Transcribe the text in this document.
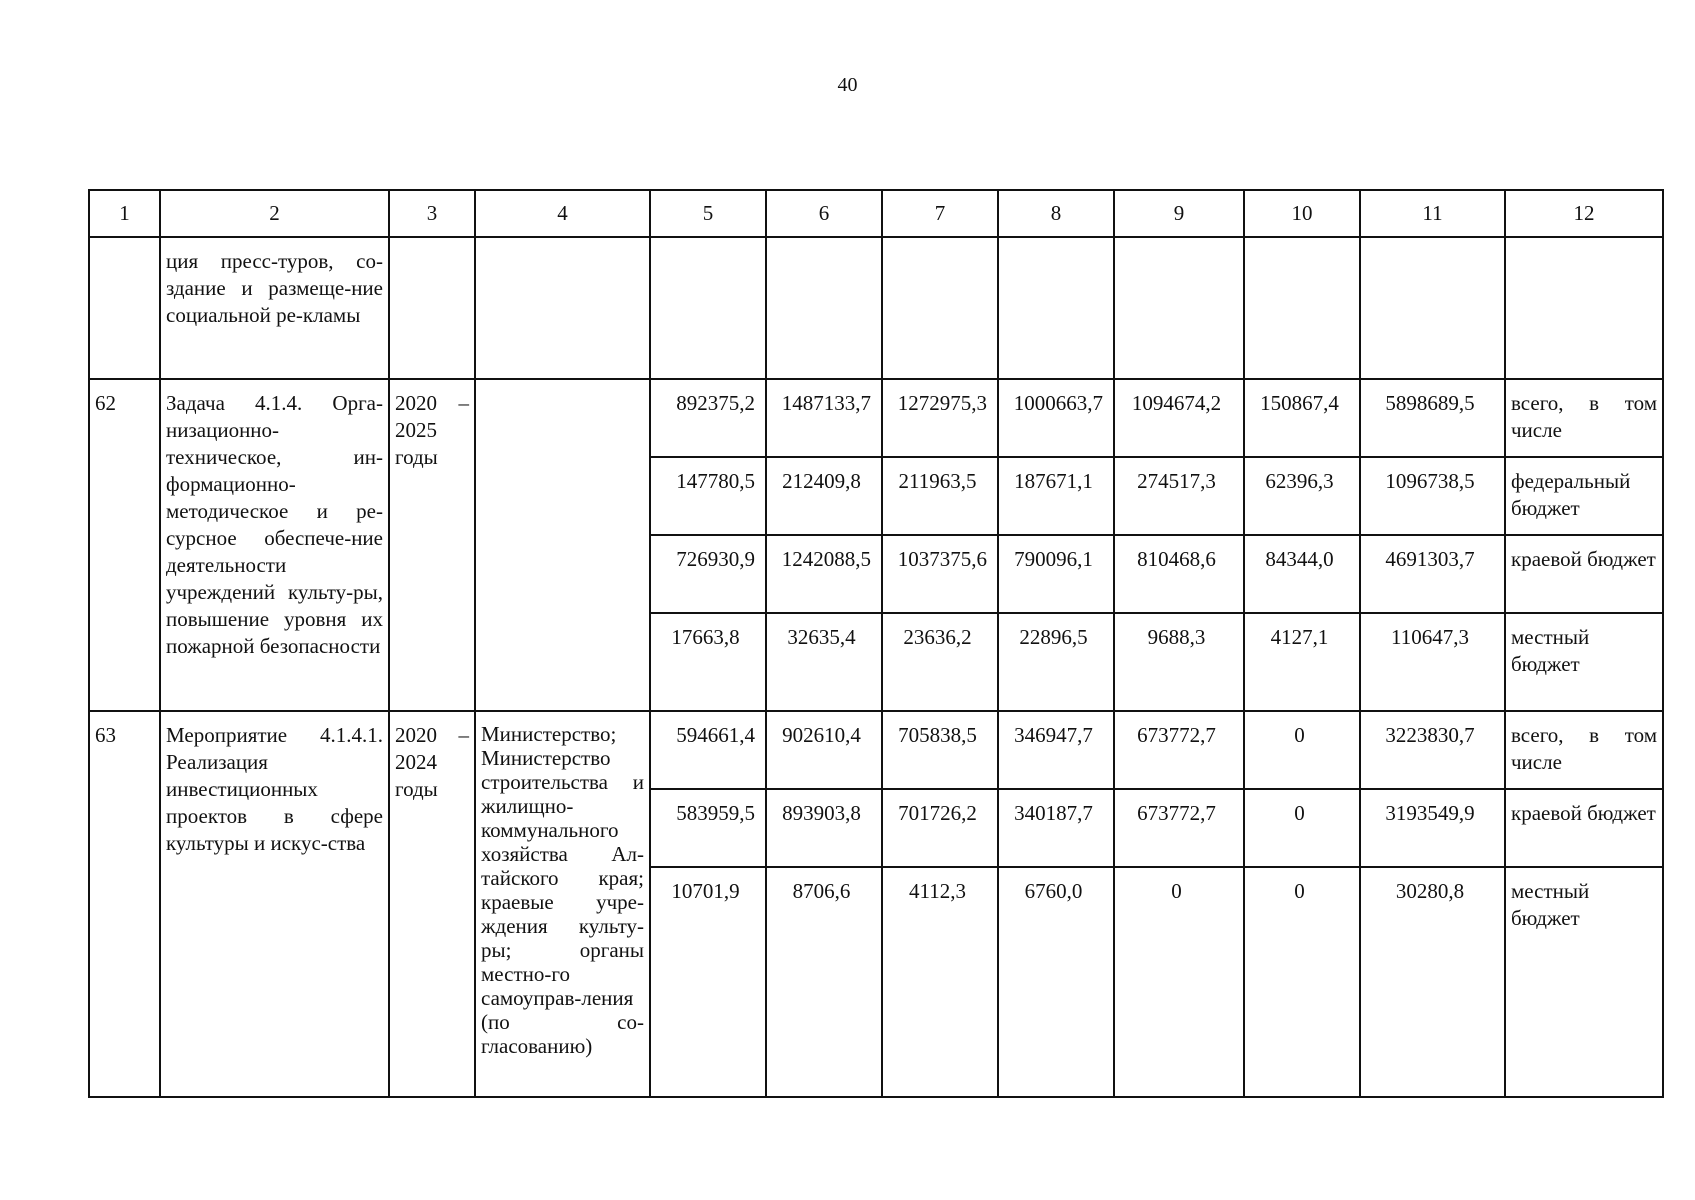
40
1	2	3	4	5	6	7	8	9	10	11	12
	ция пресс-туров, со-здание и размеще-ние социальной ре-кламы										
62	Задача 4.1.4. Орга-низационно-техническое, ин-формационно-методическое и ре-сурсное обеспече-ние деятельности учреждений культу-ры, повышение уровня их пожарной безопасности	2020 – 2025 годы		892375,2	1487133,7	1272975,3	1000663,7	1094674,2	150867,4	5898689,5	всего, в том числе
				147780,5	212409,8	211963,5	187671,1	274517,3	62396,3	1096738,5	федеральный бюджет
				726930,9	1242088,5	1037375,6	790096,1	810468,6	84344,0	4691303,7	краевой бюджет
				17663,8	32635,4	23636,2	22896,5	9688,3	4127,1	110647,3	местный бюджет
63	Мероприятие 4.1.4.1. Реализация инвестиционных проектов в сфере культуры и искус-ства	2020 – 2024 годы	Министерство; Министерство строительства и жилищно-коммунального хозяйства Ал-тайского края; краевые учре-ждения культу-ры; органы местно-го самоуправ-ления (по со-гласованию)	594661,4	902610,4	705838,5	346947,7	673772,7	0	3223830,7	всего, в том числе
				583959,5	893903,8	701726,2	340187,7	673772,7	0	3193549,9	краевой бюджет
				10701,9	8706,6	4112,3	6760,0	0	0	30280,8	местный бюджет
